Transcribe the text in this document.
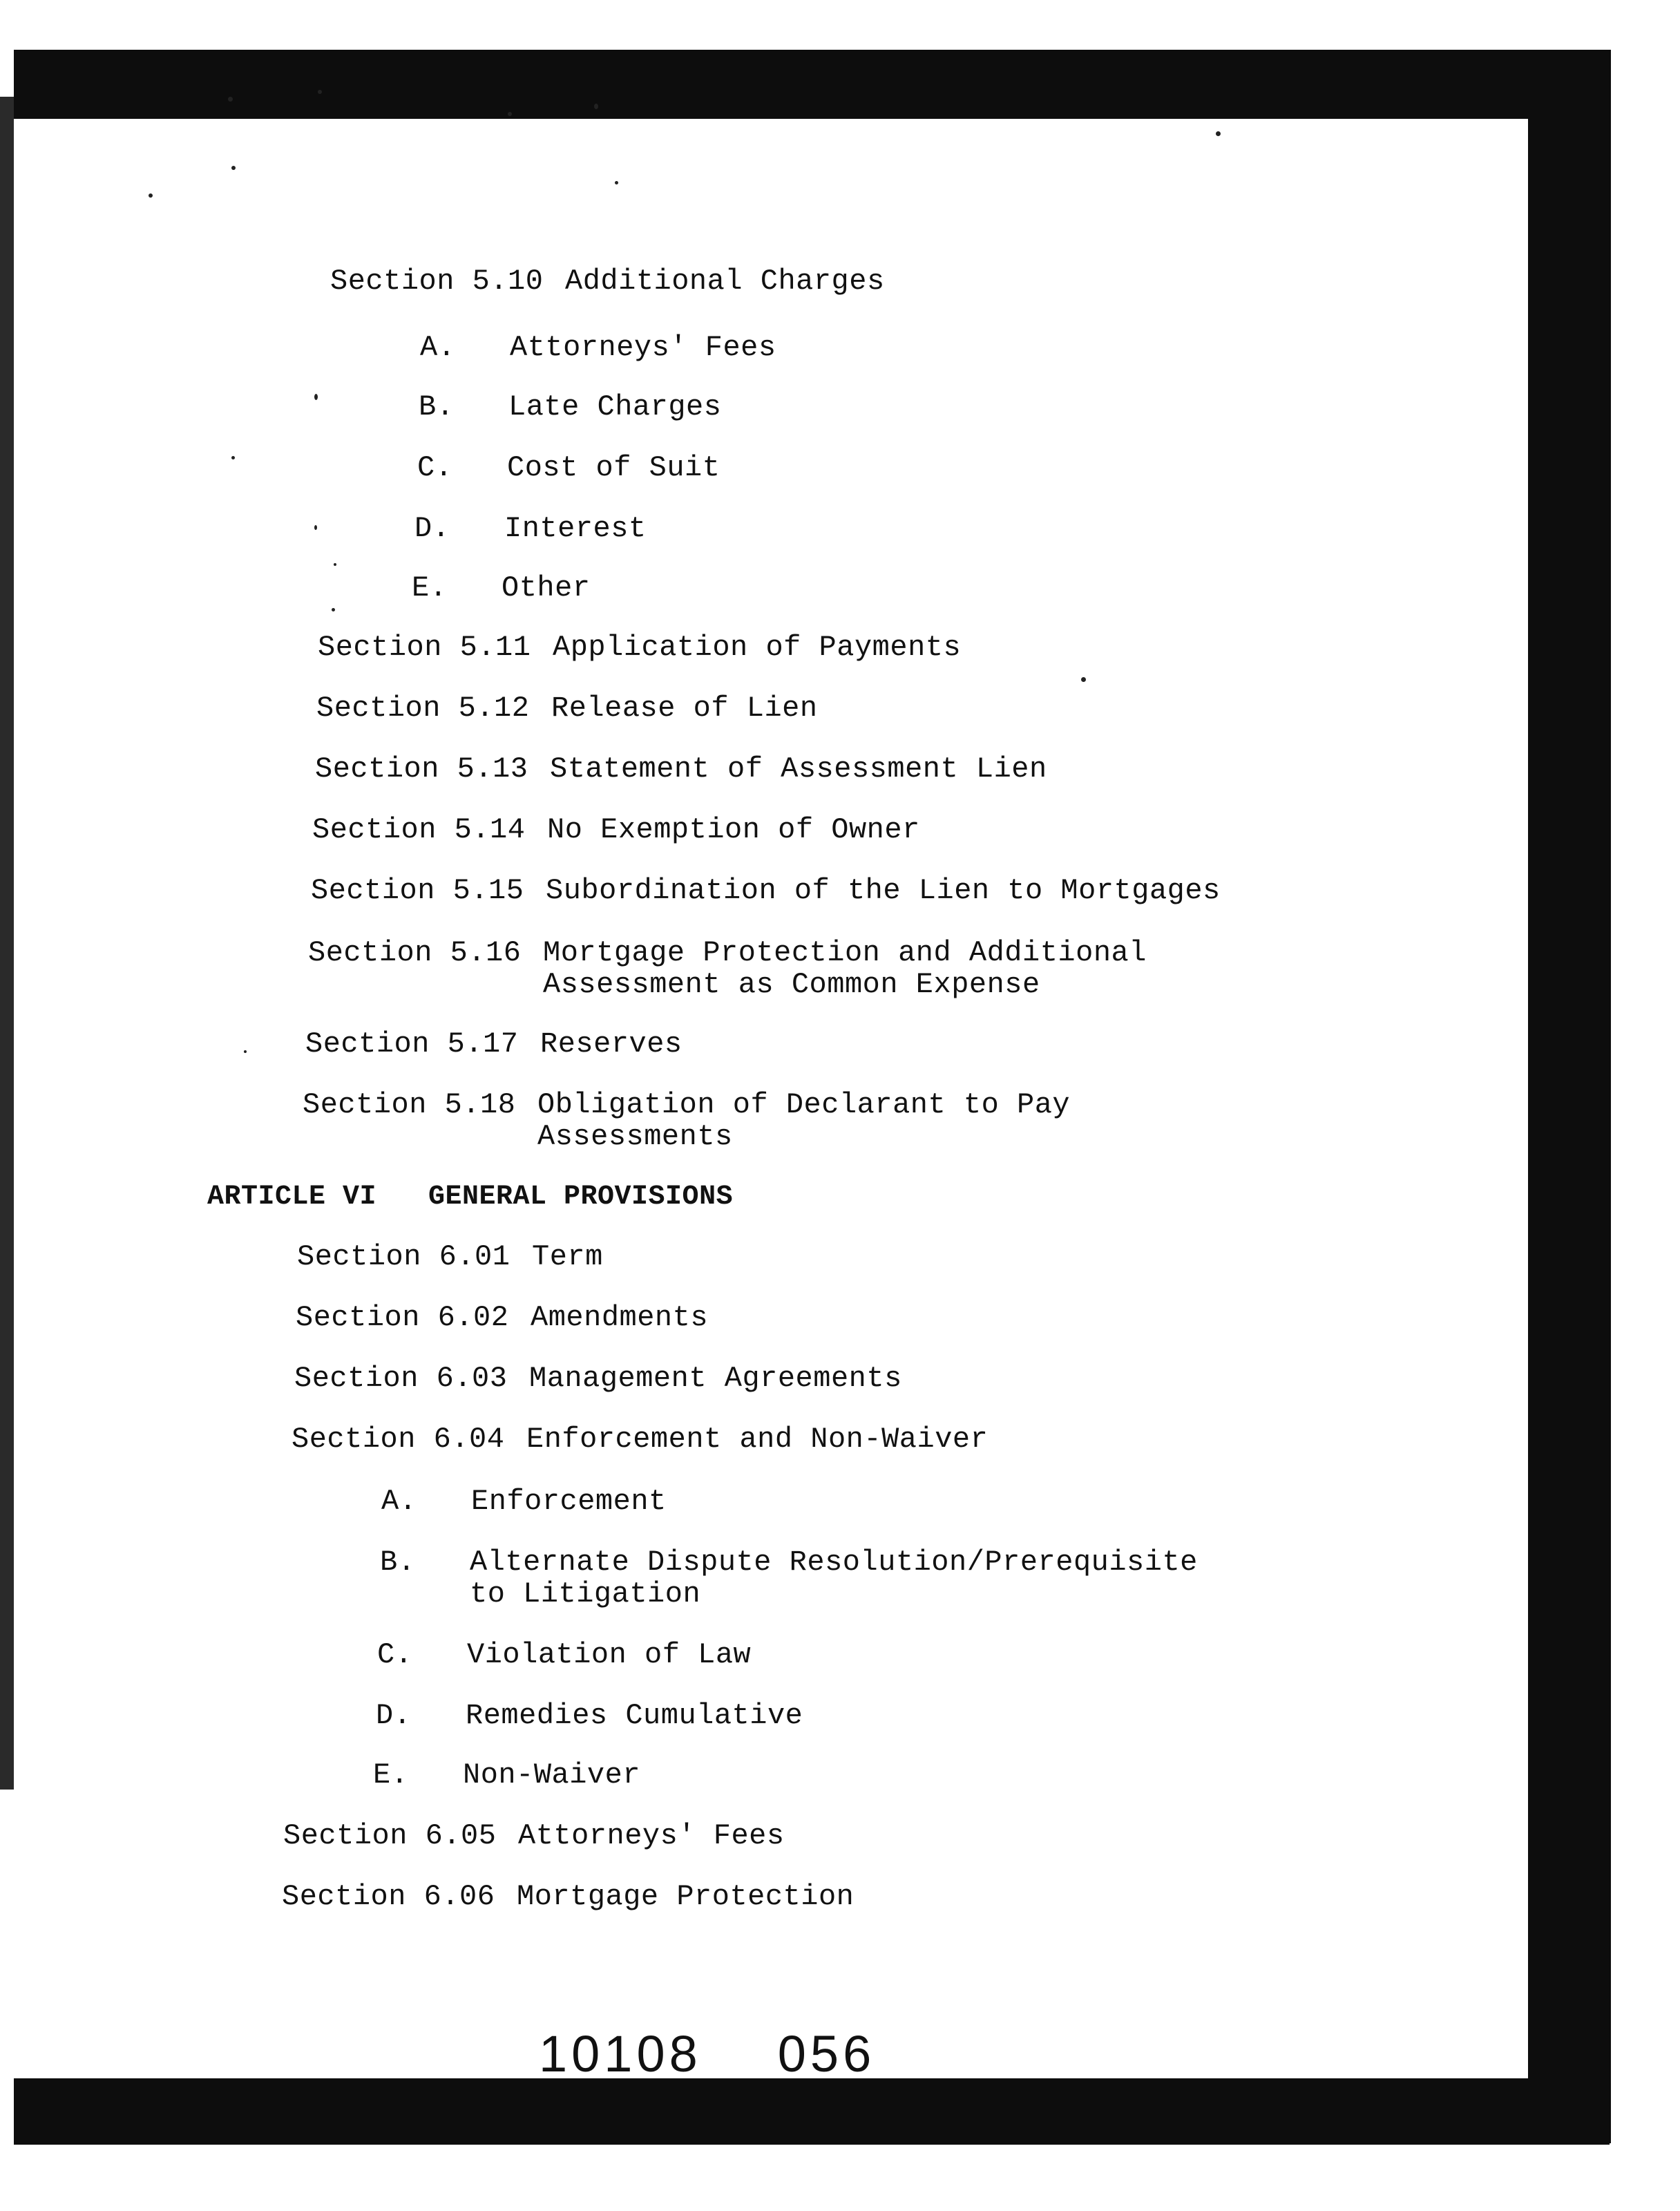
Section 5.10 Additional Charges
A. Attorneys' Fees
B. Late Charges
C. Cost of Suit
D. Interest
E. Other
Section 5.11 Application of Payments
Section 5.12 Release of Lien
Section 5.13 Statement of Assessment Lien
Section 5.14 No Exemption of Owner
Section 5.15 Subordination of the Lien to Mortgages
Section 5.16 Mortgage Protection and Additional
Assessment as Common Expense
Section 5.17 Reserves
Section 5.18 Obligation of Declarant to Pay
Assessments
ARTICLE VI GENERAL PROVISIONS
Section 6.01 Term
Section 6.02 Amendments
Section 6.03 Management Agreements
Section 6.04 Enforcement and Non-Waiver
A. Enforcement
B. Alternate Dispute Resolution/Prerequisite
to Litigation
C. Violation of Law
D. Remedies Cumulative
E. Non-Waiver
Section 6.05 Attorneys' Fees
Section 6.06 Mortgage Protection
10108 056
